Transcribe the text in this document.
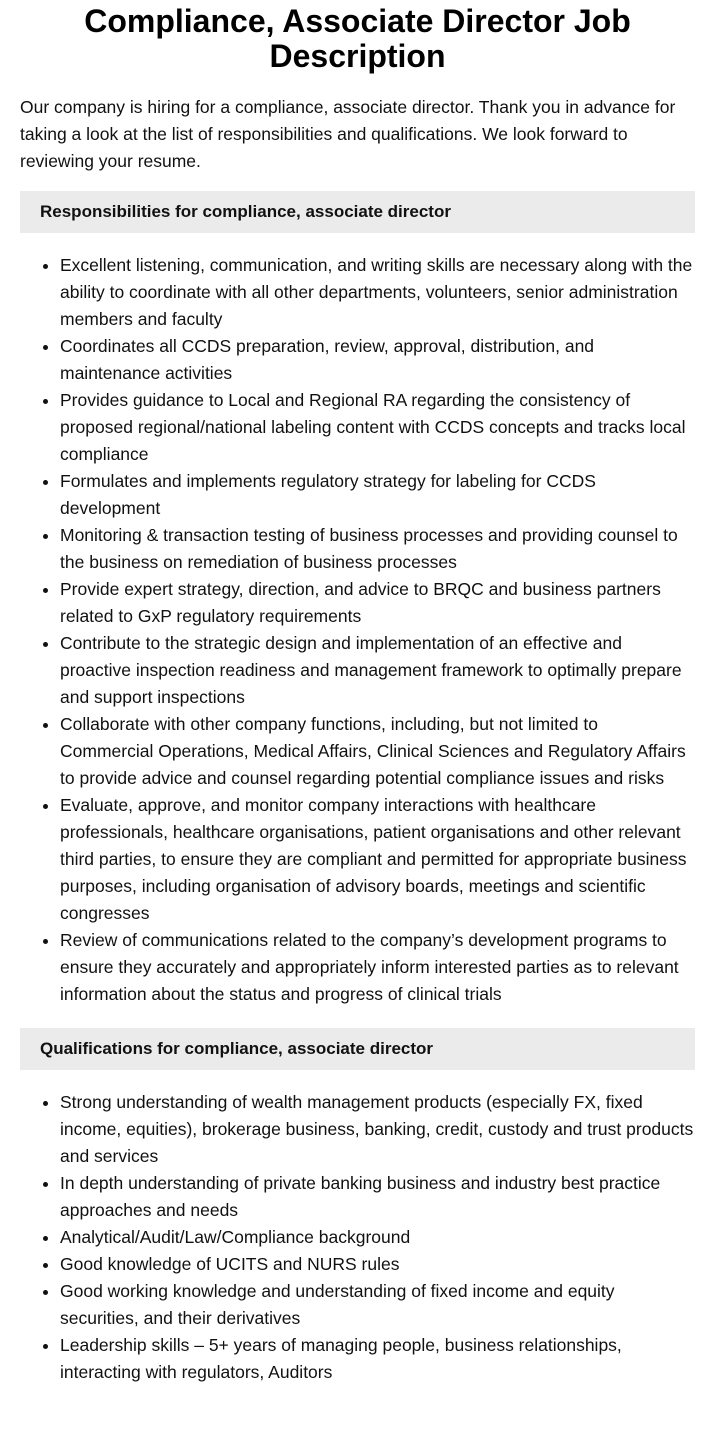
Compliance, Associate Director Job Description

Our company is hiring for a compliance, associate director. Thank you in advance for taking a look at the list of responsibilities and qualifications. We look forward to reviewing your resume.

Responsibilities for compliance, associate director
• Excellent listening, communication, and writing skills are necessary along with the ability to coordinate with all other departments, volunteers, senior administration members and faculty
• Coordinates all CCDS preparation, review, approval, distribution, and maintenance activities
• Provides guidance to Local and Regional RA regarding the consistency of proposed regional/national labeling content with CCDS concepts and tracks local compliance
• Formulates and implements regulatory strategy for labeling for CCDS development
• Monitoring & transaction testing of business processes and providing counsel to the business on remediation of business processes
• Provide expert strategy, direction, and advice to BRQC and business partners related to GxP regulatory requirements
• Contribute to the strategic design and implementation of an effective and proactive inspection readiness and management framework to optimally prepare and support inspections
• Collaborate with other company functions, including, but not limited to Commercial Operations, Medical Affairs, Clinical Sciences and Regulatory Affairs to provide advice and counsel regarding potential compliance issues and risks
• Evaluate, approve, and monitor company interactions with healthcare professionals, healthcare organisations, patient organisations and other relevant third parties, to ensure they are compliant and permitted for appropriate business purposes, including organisation of advisory boards, meetings and scientific congresses
• Review of communications related to the company’s development programs to ensure they accurately and appropriately inform interested parties as to relevant information about the status and progress of clinical trials
Qualifications for compliance, associate director
• Strong understanding of wealth management products (especially FX, fixed income, equities), brokerage business, banking, credit, custody and trust products and services
• In depth understanding of private banking business and industry best practice approaches and needs
• Analytical/Audit/Law/Compliance background
• Good knowledge of UCITS and NURS rules
• Good working knowledge and understanding of fixed income and equity securities, and their derivatives
• Leadership skills – 5+ years of managing people, business relationships, interacting with regulators, Auditors
